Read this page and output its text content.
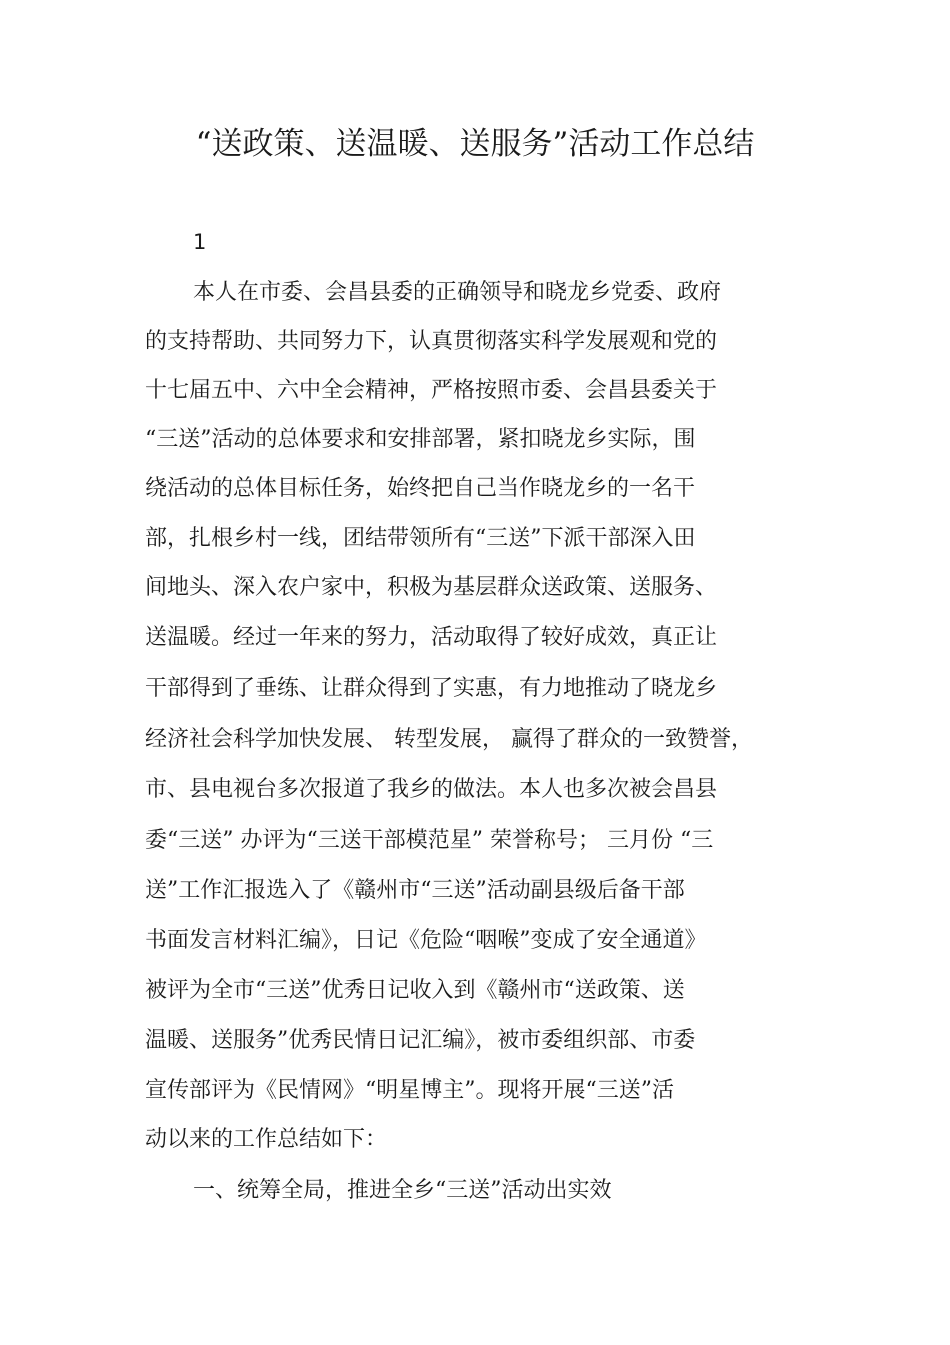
“送政策、送温暖、送服务”活动工作总结
1
本人在市委、会昌县委的正确领导和晓龙乡党委、政府
的支持帮助、共同努力下，认真贯彻落实科学发展观和党的
十七届五中、六中全会精神，严格按照市委、会昌县委关于
“三送”活动的总体要求和安排部署，紧扣晓龙乡实际，围
绕活动的总体目标任务，始终把自己当作晓龙乡的一名干
部，扎根乡村一线，团结带领所有“三送”下派干部深入田
间地头、深入农户家中，积极为基层群众送政策、送服务、
送温暖。经过一年来的努力，活动取得了较好成效，真正让
干部得到了垂练、让群众得到了实惠，有力地推动了晓龙乡
经济社会科学加快发展、 转型发展， 赢得了群众的一致赞誉，
市、县电视台多次报道了我乡的做法。本人也多次被会昌县
委“三送” 办评为“三送干部模范星” 荣誉称号； 三月份 “三
送”工作汇报选入了《赣州市“三送”活动副县级后备干部
书面发言材料汇编》，日记《危险“咽喉”变成了安全通道》
被评为全市“三送”优秀日记收入到《赣州市“送政策、送
温暖、送服务”优秀民情日记汇编》，被市委组织部、市委
宣传部评为《民情网》“明星博主”。现将开展“三送”活
动以来的工作总结如下：
一、统筹全局，推进全乡“三送”活动出实效
